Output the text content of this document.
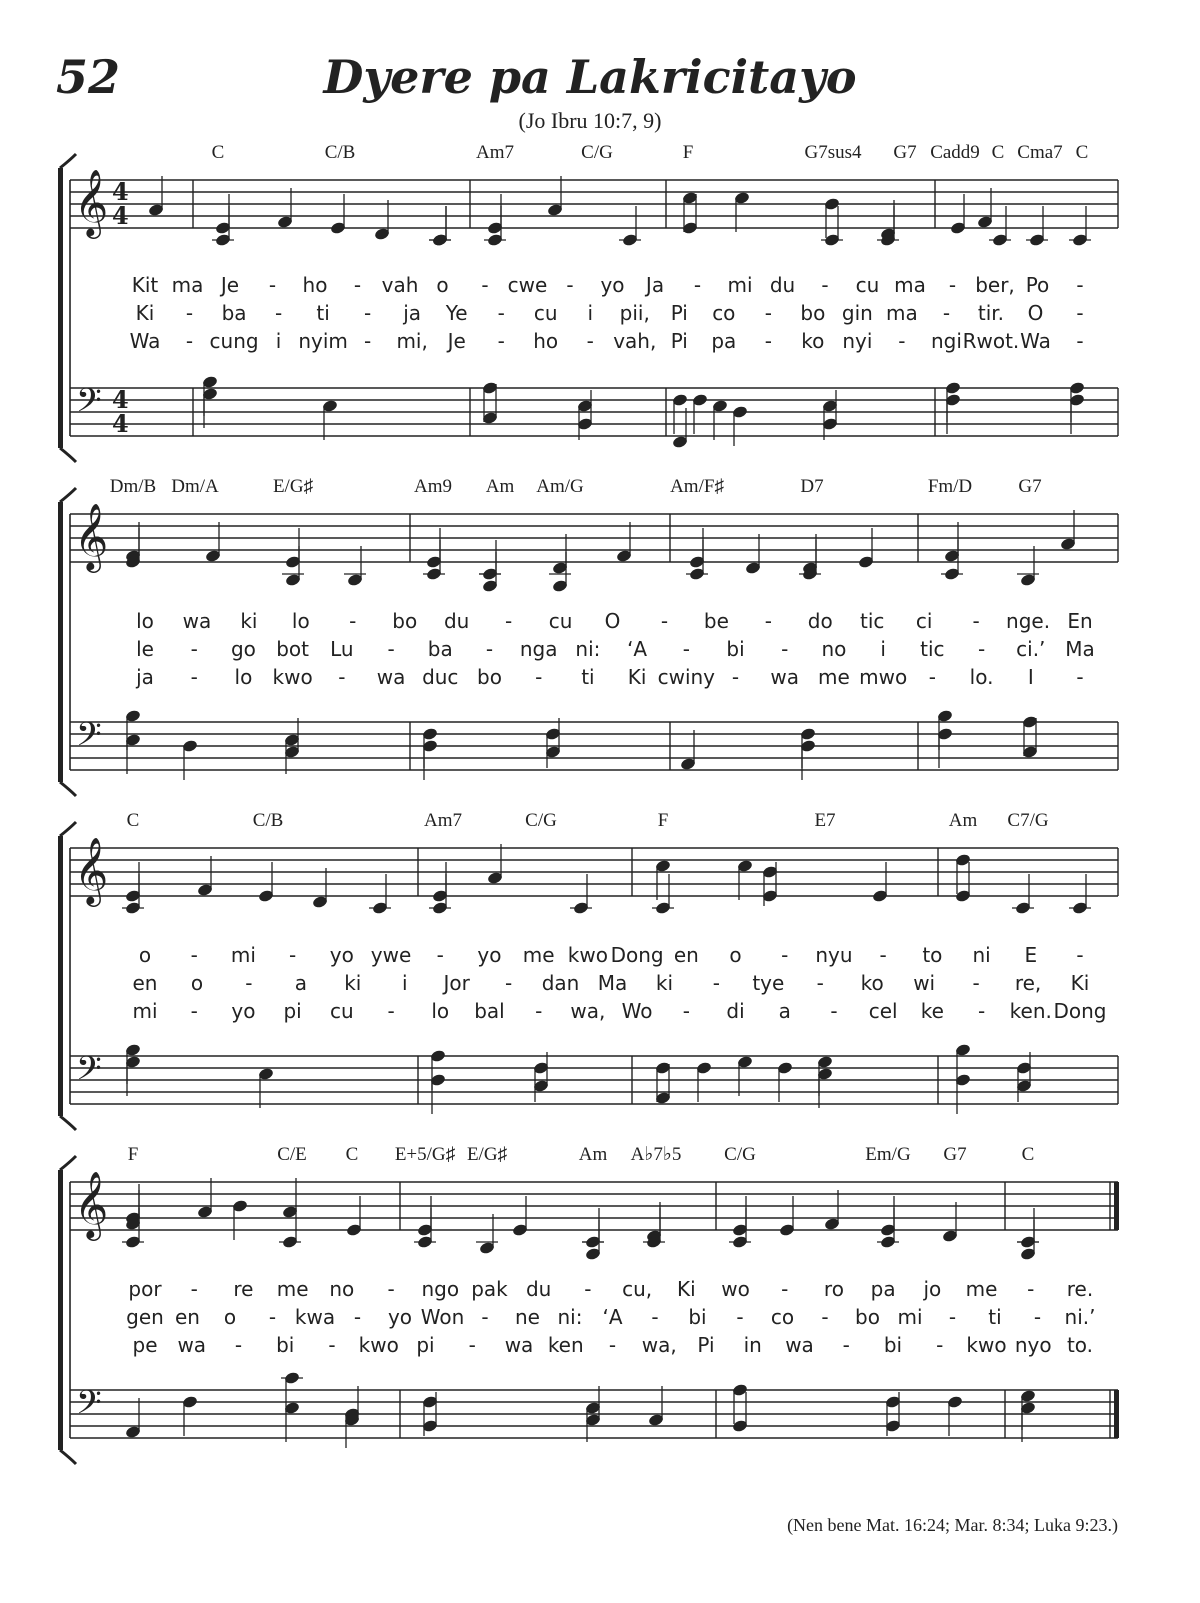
52	Dyere pa Lakricitayo
(Jo Ibru 10:7, 9)
𝄞 4
4
𝄢 4
4
C	C/B	Am7	C/G	F	G7sus4 G7 Cadd9 C Cma7 C
Kit ma Je - ho - vah o - cwe - yo Ja - mi du - cu ma - ber, Po -
Ki - ba - ti - ja Ye - cu i pii, Pi co - bo gin ma - tir. O -
Wa - cung i nyim - mi, Je - ho - vah, Pi pa - ko nyi - ngi Rwot. Wa -
𝄞
𝄢
Dm/B Dm/A	E/G♯	Am9 Am Am/G	Am/F♯	D7	Fm/D G7
lo wa ki lo - bo du - cu O - be - do tic ci - nge. En
le - go bot Lu - ba - nga ni: ‘A - bi - no i tic - ci.’ Ma
ja - lo kwo - wa duc bo - ti Ki cwiny - wa me mwo - lo. I -
𝄞
𝄢
C	C/B	Am7	C/G	F	E7	Am C7/G
o - mi - yo ywe - yo me kwo Dong en o - nyu - to ni E -
en o - a ki i Jor - dan Ma ki - tye - ko wi - re, Ki
mi - yo pi cu - lo bal - wa, Wo - di a - cel ke - ken. Dong
𝄞
𝄢
F	C/E C E+5/G♯ E/G♯	Am A♭7♭5 C/G	Em/G G7	C
por - re me no - ngo pak du - cu, Ki wo - ro pa jo me - re.
gen en o - kwa - yo Won - ne ni: ‘A - bi - co - bo mi - ti - ni.’
pe wa - bi - kwo pi - wa ken - wa, Pi in wa - bi - kwo nyo to.
(Nen bene Mat. 16:24; Mar. 8:34; Luka 9:23.)
